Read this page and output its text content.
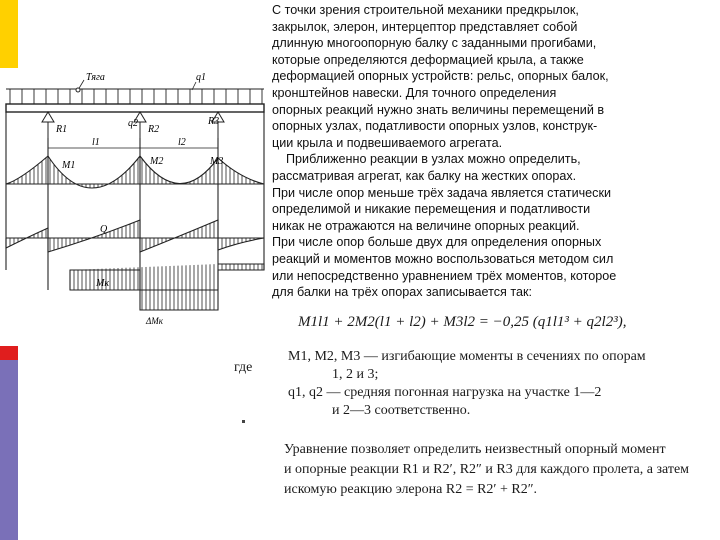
Тяга	q1
R1
q2
R2
R3
l1	l2
M1	M2	M3
Q
Mк
ΔMк

С точки зрения строительной механики предкрылок,

закрылок, элерон, интерцептор представляет собой

длинную многоопорную балку с заданными прогибами,

которые определяются деформацией крыла, а также

деформацией опорных устройств: рельс, опорных балок,

кронштейнов навески. Для точного определения

опорных реакций нужно знать величины перемещений в

опорных узлах, податливости опорных узлов, конструк-

ции крыла и подвешиваемого агрегата.

Приближенно реакции в узлах можно определить,

рассматривая агрегат, как балку на жестких опорах.

При числе опор меньше трёх задача является статически

определимой и никакие перемещения и податливости

никак не отражаются на величине опорных реакций.

При числе опор больше двух для определения опорных

реакций и моментов можно воспользоваться методом сил

или непосредственно уравнением трёх моментов, которое

для балки на трёх опорах записывается так:

M1l1 + 2M2(l1 + l2) + M3l2 = −0,25 (q1l1³ + q2l2³),
где
M1, M2, M3 — изгибающие моменты в сечениях по опорам
1, 2 и 3;
q1, q2 — средняя погонная нагрузка на участке 1—2
и 2—3 соответственно.
Уравнение позволяет определить неизвестный опорный момент
и опорные реакции R1 и R2′, R2″ и R3 для каждого пролета, а затем
искомую реакцию элерона R2 = R2′ + R2″.
